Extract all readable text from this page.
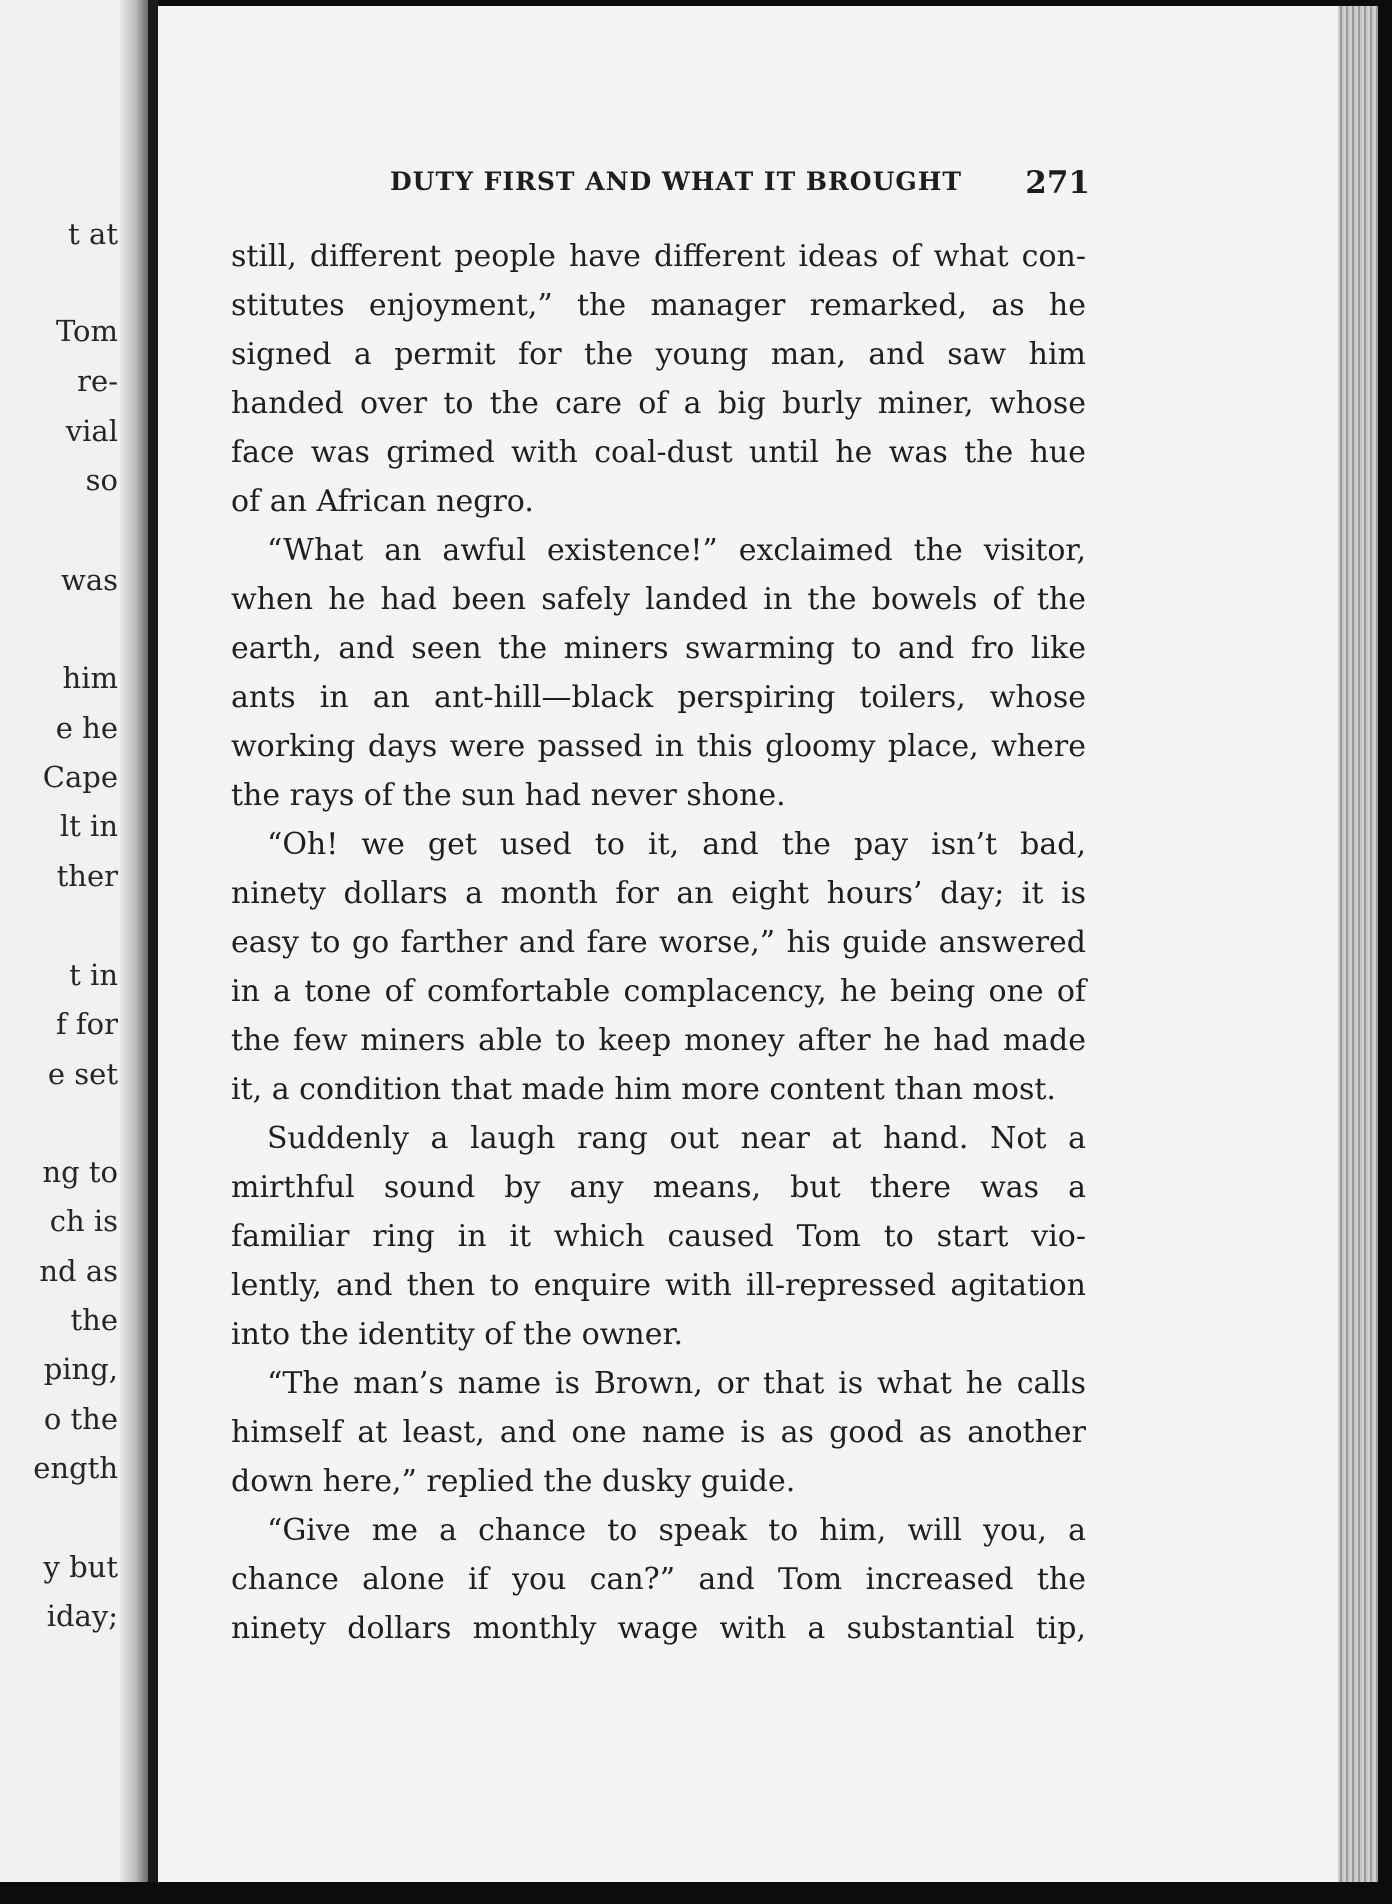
t at
Tom
re-
vial
so
was
him
e he
Cape
lt in
ther
t in
f for
e set
ng to
ch is
nd as
the
ping,
o the
ength
y but
iday;
DUTY FIRST AND WHAT IT BROUGHT 271
still, different people have different ideas of what con-
stitutes enjoyment,” the manager remarked, as he
signed a permit for the young man, and saw him
handed over to the care of a big burly miner, whose
face was grimed with coal-dust until he was the hue
of an African negro.
“What an awful existence!” exclaimed the visitor,
when he had been safely landed in the bowels of the
earth, and seen the miners swarming to and fro like
ants in an ant-hill—black perspiring toilers, whose
working days were passed in this gloomy place, where
the rays of the sun had never shone.
“Oh! we get used to it, and the pay isn’t bad,
ninety dollars a month for an eight hours’ day; it is
easy to go farther and fare worse,” his guide answered
in a tone of comfortable complacency, he being one of
the few miners able to keep money after he had made
it, a condition that made him more content than most.
Suddenly a laugh rang out near at hand. Not a
mirthful sound by any means, but there was a
familiar ring in it which caused Tom to start vio-
lently, and then to enquire with ill-repressed agitation
into the identity of the owner.
“The man’s name is Brown, or that is what he calls
himself at least, and one name is as good as another
down here,” replied the dusky guide.
“Give me a chance to speak to him, will you, a
chance alone if you can?” and Tom increased the
ninety dollars monthly wage with a substantial tip,
